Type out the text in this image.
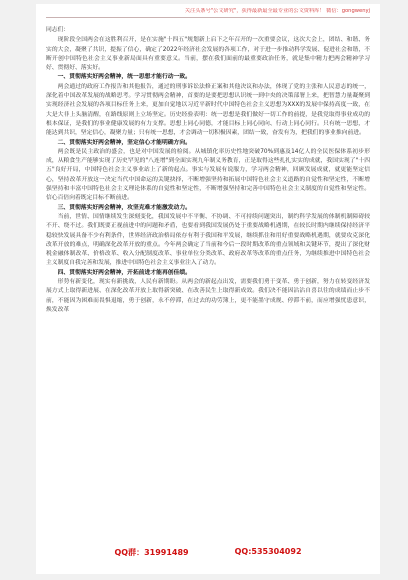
关注头条号"公文研究"，获得最新最全最专业的公文资料库！ 微信：gongwenyj

同志们：

现阶段全国两会在这胜利召开，是在实施"十四五"规划新上启下之年召开的一次重要会议，这次大会上，团结、和谐、务实的大会，凝聚了共识，提振了信心，确定了2022年经济社会发展的各项工作，对于进一步推动科学发展、促进社会和谐，不断开创中国特色社会主义事业新局面具有重要意义。当前，摆在我们面前的最重要政治任务，就是集中精力把两会精神学习好、贯彻好、落实好。

一、贯彻落实好两会精神，统一思想才能行动一致。

两会通过的政府工作报告和其他报告，通过的刑事诉讼法修正案和其他决议和办法，体现了党的主张和人民意志的统一，深化着中国改革发展的战略思考。学习贯彻两会精神，首要的是要把思想认识统一到中央的决策部署上来，把智慧力量凝聚到实现经济社会发展的各项目标任务上来，更加自觉地以习近平新时代中国特色社会主义思想为XXX的发展中保持高度一致，在大是大非上头脑清醒，在路线原则上立场坚定。历史经验表明：统一思想是我们做好一切工作的前提，是我党取得事业成功的根本保证，是我们的事业健康发展的有力支撑。思想上同心同德，才能目标上同心同向、行动上同心同行。只有统一思想，才能达到共识，坚定信心，凝聚力量；只有统一思想，才会调动一切积极因素，团结一致，奋发有为，把我们的事业推向前进。

二、贯彻落实好两会精神，坚定信心才能明确方向。

两会既是民主政治的盛会，也是对中国发展的检阅。从城镇化率历史性地突破70%到惠及14亿人的全民医保体系初步形成，从粮食生产能够实现了历史罕见的"八连增"到全面实现九年制义务教育，正是取得这些扎扎实实的成就，我国实现了"十四五"良好开局，中国特色社会主义事业站上了新的起点。事实与发展有说服力，学习两会精神，回顾发展成就，就更能坚定信心，坚持改革开放这一决定当代中国命运的关键抉择，不断增强坚持和拓展中国特色社会主义道路的自觉性和坚定性，不断增强坚持和丰富中国特色社会主义理论体系的自觉性和坚定性，不断增强坚持和完善中国特色社会主义制度的自觉性和坚定性。信心百倍向着既定目标不断前进。

三、贯彻落实好两会精神，攻坚克难才能激发动力。

当前，世情、国情继续发生深刻变化，我国发展中不平衡、不协调、不可持续问题突出，制约科学发展的体制机制障碍较不开、绕不过。我们既要正视前进中的问题和矛盾，也要看到我国发展仍处于重要战略机遇期，在较长时期内继续保持经济平稳较快发展具备不少有利条件，世界经济政治格局依存有利于我国和平发展，继续抓住和用好重要战略机遇期，就要攻克深化改革开放的难点，明确深化改革开放的重点。今年两会确定了当前和今后一段时期改革的重点领域和关键环节，提出了深化财税金融体制改革、价格改革、收入分配制度改革、事业单位分类改革、政府改革等改革的重点任务，为继续推进中国特色社会主义制度自我完善和发展，推进中国特色社会主义事业注入了动力。

四、贯彻落实好两会精神，开拓前进才能再创佳绩。

形势有新变化，现实有新挑战，人民有新期盼。从两会的新起点出发，需要我们勇于变革、勇于创新，努力在转变经济发展方式上取得新进展、在深化改革开放上取得新突破、在改善民生上取得新成效。我们决不能因沾沾自喜以往的成绩而止步不前，不能因为困难而畏惧退缩，勇于创新，永不停滞，在过去的功劳簿上，更不能墨守成规、停滞不前，而应增强忧患意识，焕发改革

QQ群：31991489	QQ:535304092
